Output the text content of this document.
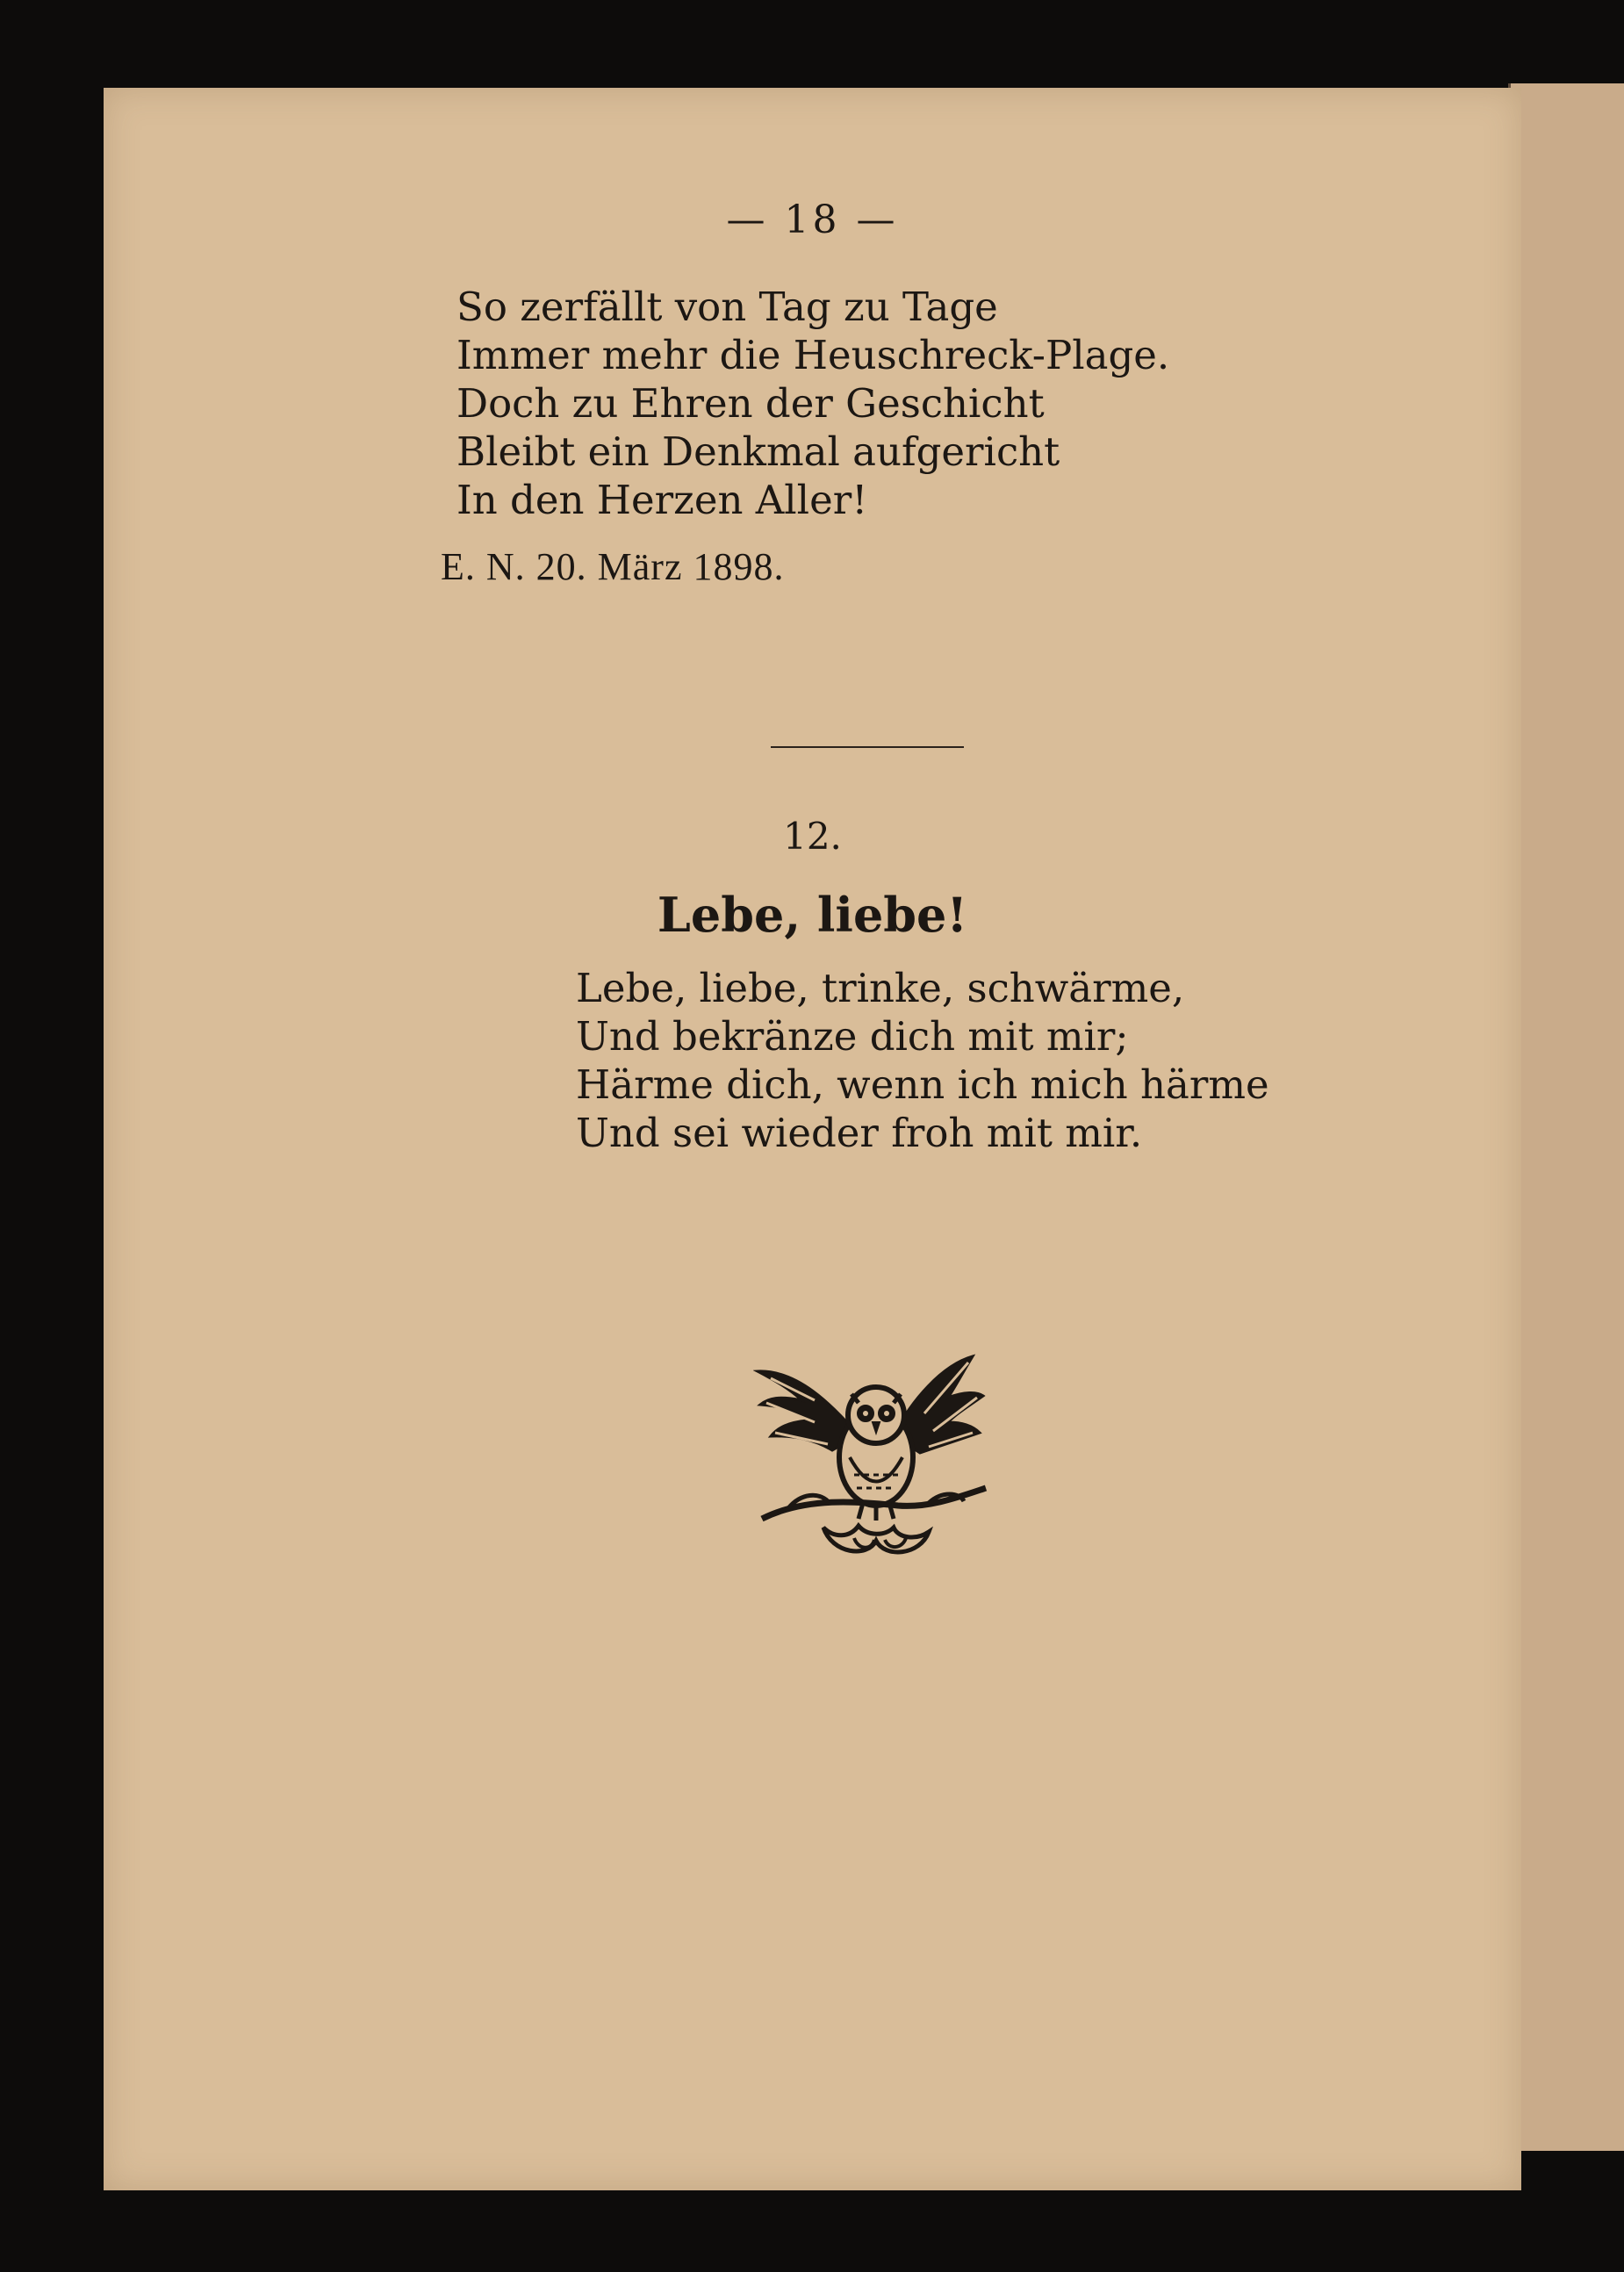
— 18 —
So zerfällt von Tag zu Tage
Immer mehr die Heuschreck-Plage.
Doch zu Ehren der Geschicht
Bleibt ein Denkmal aufgericht
In den Herzen Aller!
E. N. 20. März 1898.
12.
Lebe, liebe!
Lebe, liebe, trinke, schwärme,
Und bekränze dich mit mir;
Härme dich, wenn ich mich härme
Und sei wieder froh mit mir.
